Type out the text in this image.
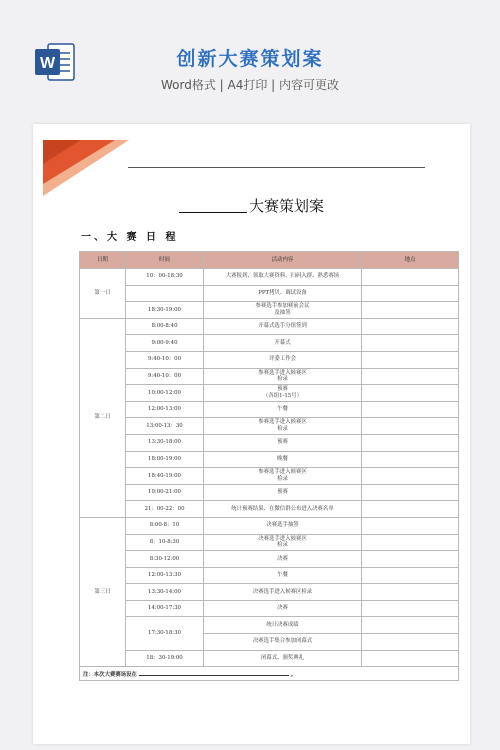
W	创新大赛策划案
Word格式 | A4打印 | 内容可更改
大赛策划案
一、大 赛 日 程
日期	时间	活动内容	地点
第一日	10：00-18:30	大赛报到、领取大赛资料、扫码入群、熟悉赛场	

		PPT拷贝、调试设备	

	18:30-19:00	参赛选手参加赛前会议
及抽签	

第二日	8:00-8:40	开幕式选手分组签到	

	9:00-9:40	开幕式	

	9:40-10：00	评委工作会	

	9:40-10：00	参赛选手进入候赛区
检录	

	10:00-12:00	预赛
（各组1-15号）	

	12:00-13:00	午餐	

	13:00-13：30	参赛选手进入候赛区
检录	

	13:30-18:00	预赛	

	18:00-19:00	晚餐	

	18:40-19:00	参赛选手进入候赛区
检录	

	19:00-21:00	预赛	

	21：00-22：00	统计预赛结果、在微信群公布进入决赛名单	

第三日	8:00-8：10	决赛选手抽签	

	8：10-8:30	决赛选手进入候赛区
检录	

	8:30-12:00	决赛	

	12:00-13:30	午餐	

	13:30-14:00	决赛选手进入候赛区检录	

	14:00-17:30	决赛	

	17:30-18:30	统计决赛成绩	

		决赛选手集合参加闭幕式	

	18：30-19:00	闭幕式、颁奖典礼	

注：本次大赛赛场设在 。			
